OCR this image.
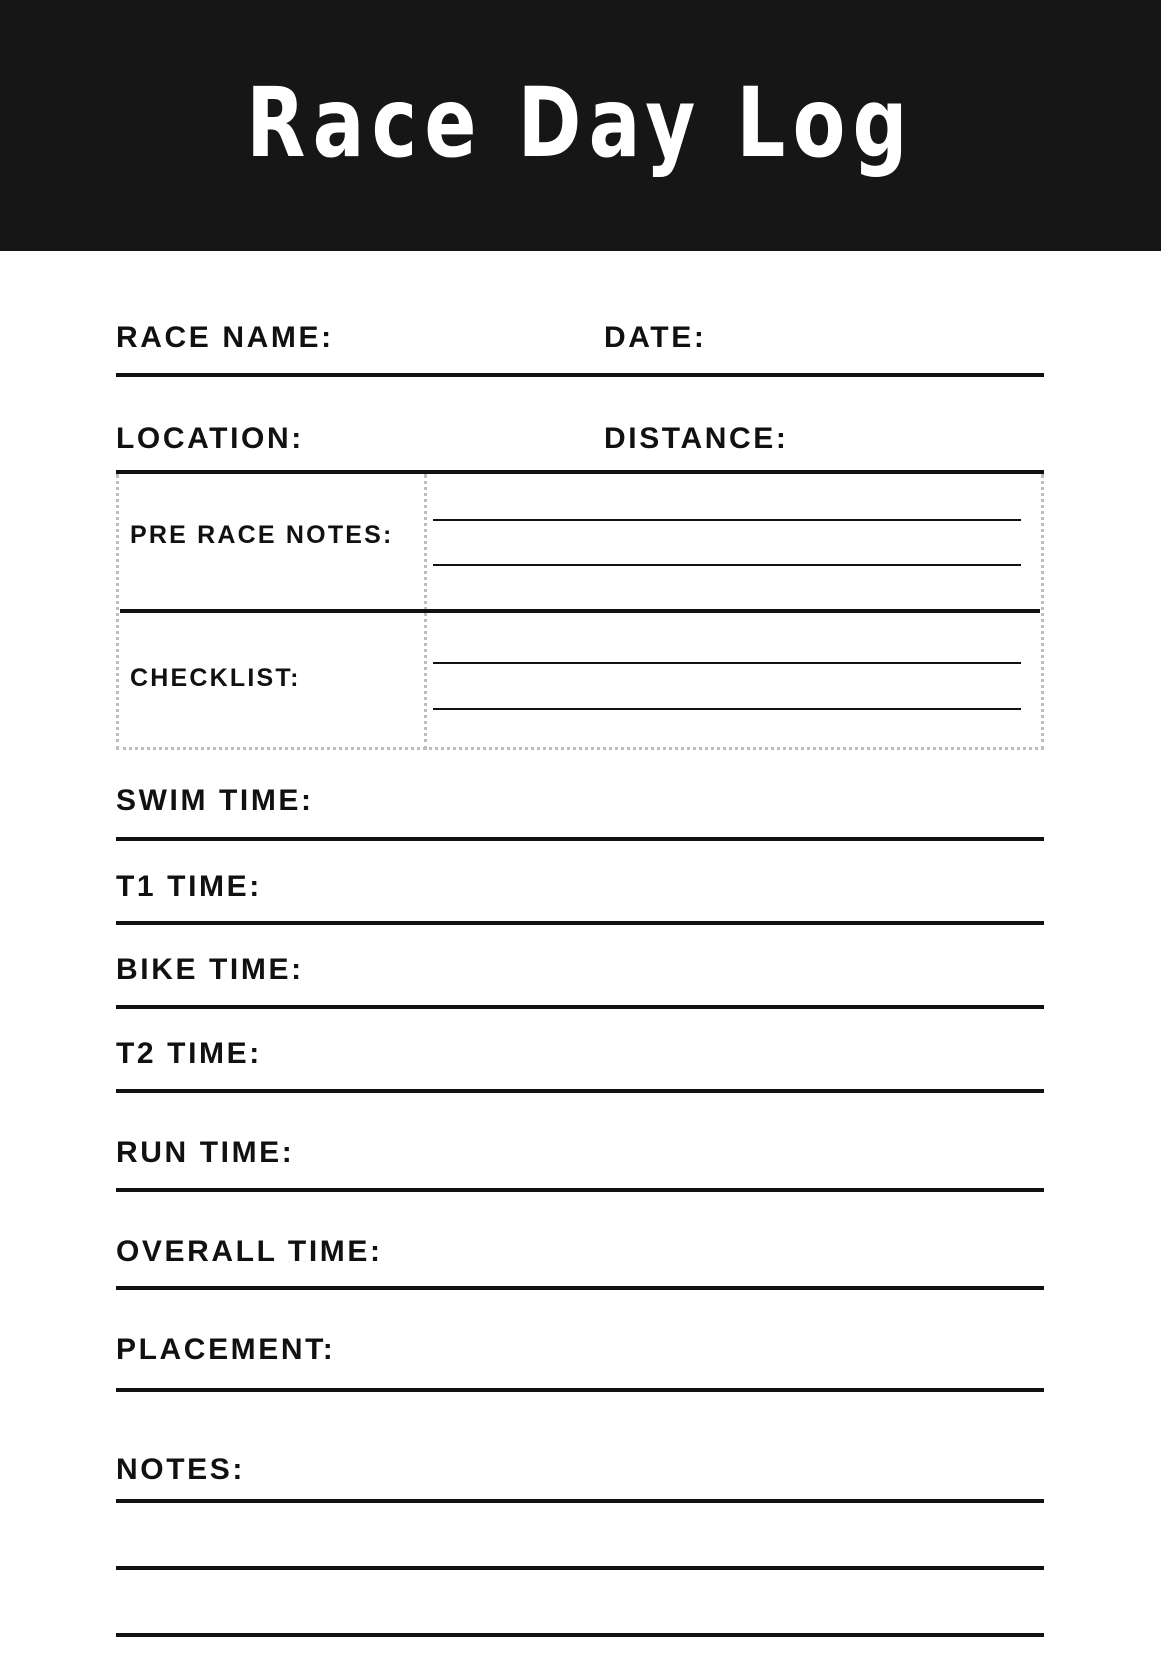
Race Day Log
RACE NAME:	DATE:
LOCATION:	DISTANCE:
PRE RACE NOTES:
CHECKLIST:
SWIM TIME:
T1 TIME:
BIKE TIME:
T2 TIME:
RUN TIME:
OVERALL TIME:
PLACEMENT:
NOTES:
